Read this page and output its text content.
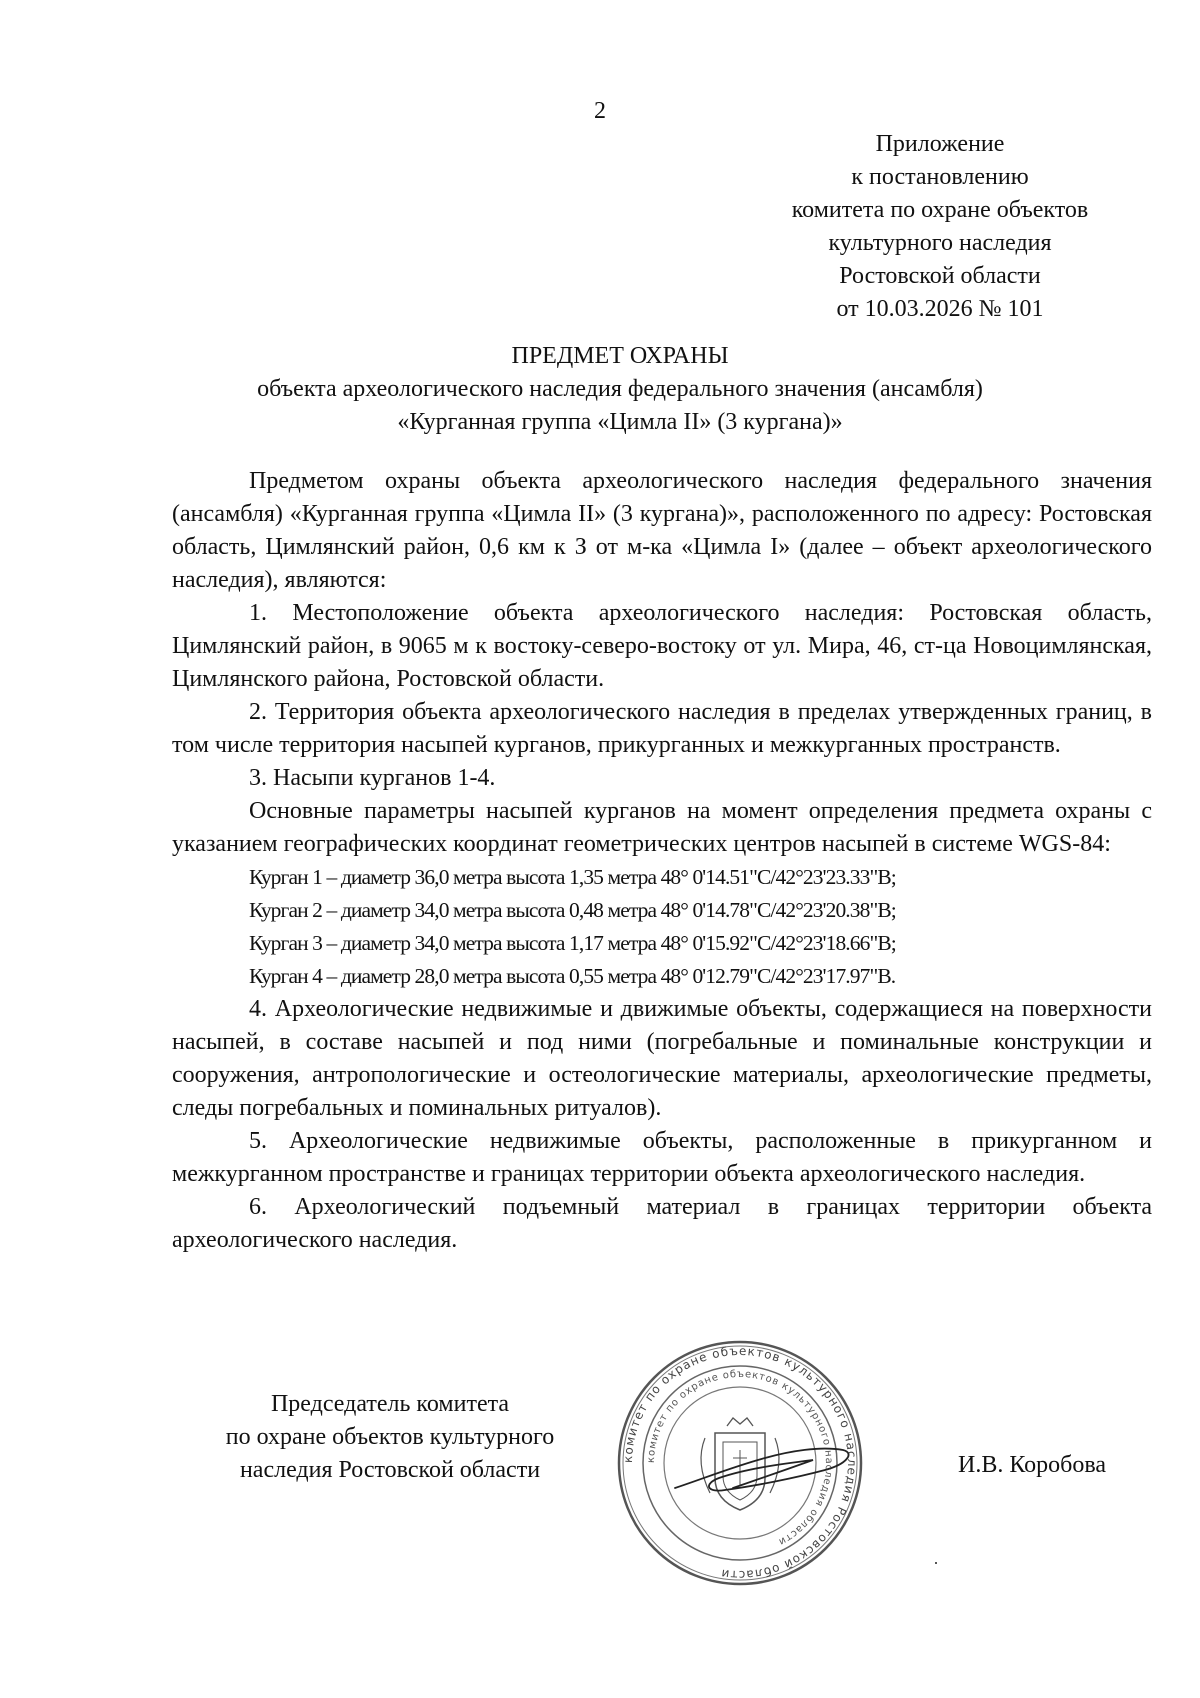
2
Приложение
к постановлению
комитета по охране объектов
культурного наследия
Ростовской области
от 10.03.2026 № 101
ПРЕДМЕТ ОХРАНЫ
объекта археологического наследия федерального значения (ансамбля)
«Курганная группа «Цимла II» (3 кургана)»

Предметом охраны объекта археологического наследия федерального значения (ансамбля) «Курганная группа «Цимла II» (3 кургана)», расположенного по адресу: Ростовская область, Цимлянский район, 0,6 км к З от м-ка «Цимла I» (далее – объект археологического наследия), являются:

1. Местоположение объекта археологического наследия: Ростовская область, Цимлянский район, в 9065 м к востоку-северо-востоку от ул. Мира, 46, ст-ца Новоцимлянская, Цимлянского района, Ростовской области.

2. Территория объекта археологического наследия в пределах утвержденных границ, в том числе территория насыпей курганов, прикурганных и межкурганных пространств.

3. Насыпи курганов 1-4.

Основные параметры насыпей курганов на момент определения предмета охраны с указанием географических координат геометрических центров насыпей в системе WGS-84:

Курган 1 – диаметр 36,0 метра высота 1,35 метра 48° 0'14.51"С/42°23'23.33"В;

Курган 2 – диаметр 34,0 метра высота 0,48 метра 48° 0'14.78"С/42°23'20.38"В;

Курган 3 – диаметр 34,0 метра высота 1,17 метра 48° 0'15.92"С/42°23'18.66"В;

Курган 4 – диаметр 28,0 метра высота 0,55 метра 48° 0'12.79"С/42°23'17.97"В.

4. Археологические недвижимые и движимые объекты, содержащиеся на поверхности насыпей, в составе насыпей и под ними (погребальные и поминальные конструкции и сооружения, антропологические и остеологические материалы, археологические предметы, следы погребальных и поминальных ритуалов).

5. Археологические недвижимые объекты, расположенные в прикурганном и межкурганном пространстве и границах территории объекта археологического наследия.

6. Археологический подъемный материал в границах территории объекта археологического наследия.

Председатель комитета
по охране объектов культурного
наследия Ростовской области	комитет по охране объектов культурного наследия Ростовской области
комитет по охране объектов культурного наследия области
И.В. Коробова
